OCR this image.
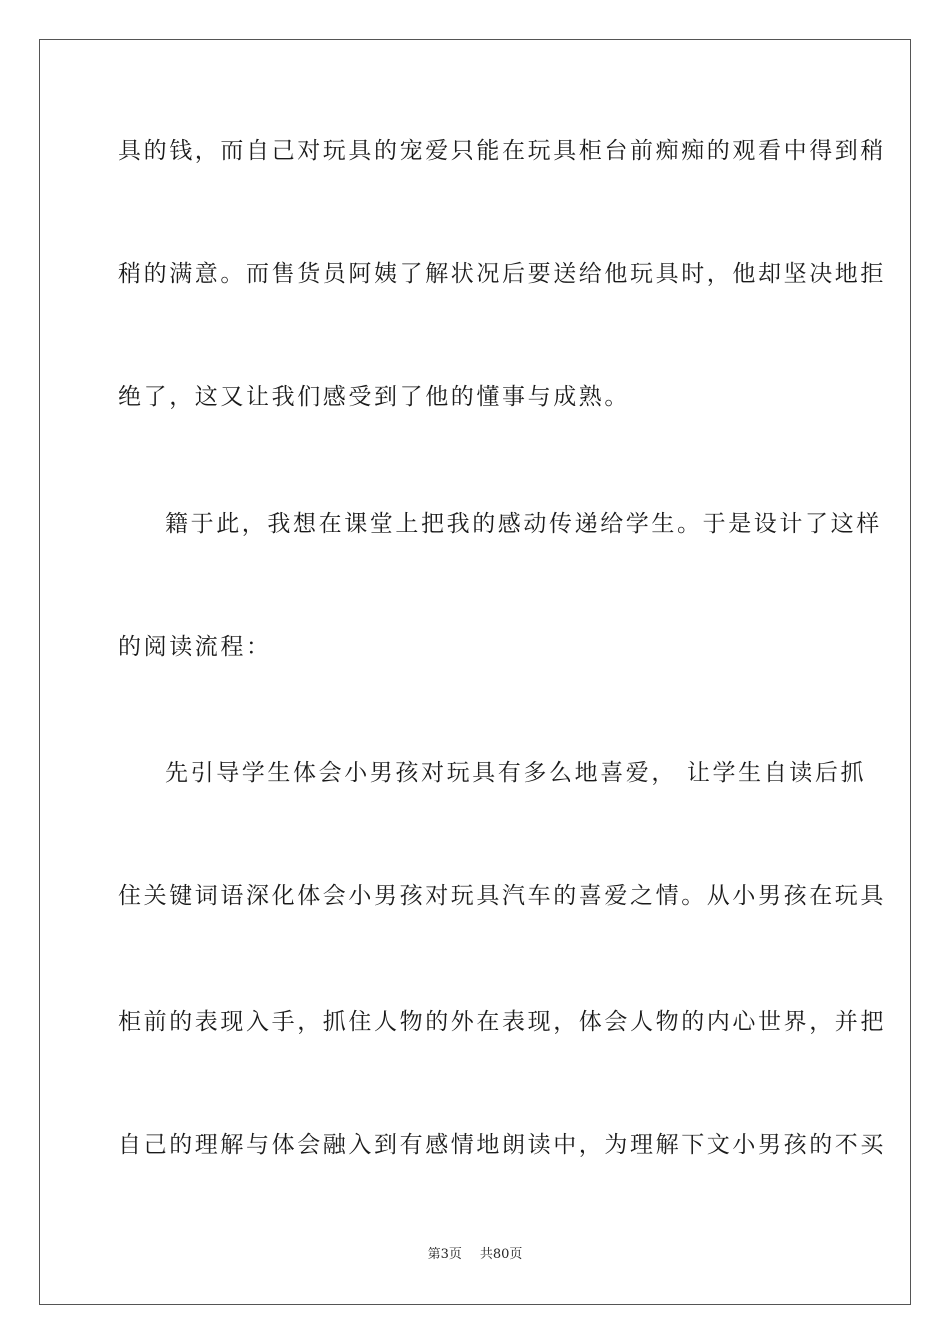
具的钱，而自己对玩具的宠爱只能在玩具柜台前痴痴的观看中得到稍
稍的满意。而售货员阿姨了解状况后要送给他玩具时，他却坚决地拒
绝了，这又让我们感受到了他的懂事与成熟。
籍于此，我想在课堂上把我的感动传递给学生。于是设计了这样
的阅读流程：
先引导学生体会小男孩对玩具有多么地喜爱， 让学生自读后抓
住关键词语深化体会小男孩对玩具汽车的喜爱之情。从小男孩在玩具
柜前的表现入手，抓住人物的外在表现，体会人物的内心世界，并把
自己的理解与体会融入到有感情地朗读中，为理解下文小男孩的不买
第3页 共80页
